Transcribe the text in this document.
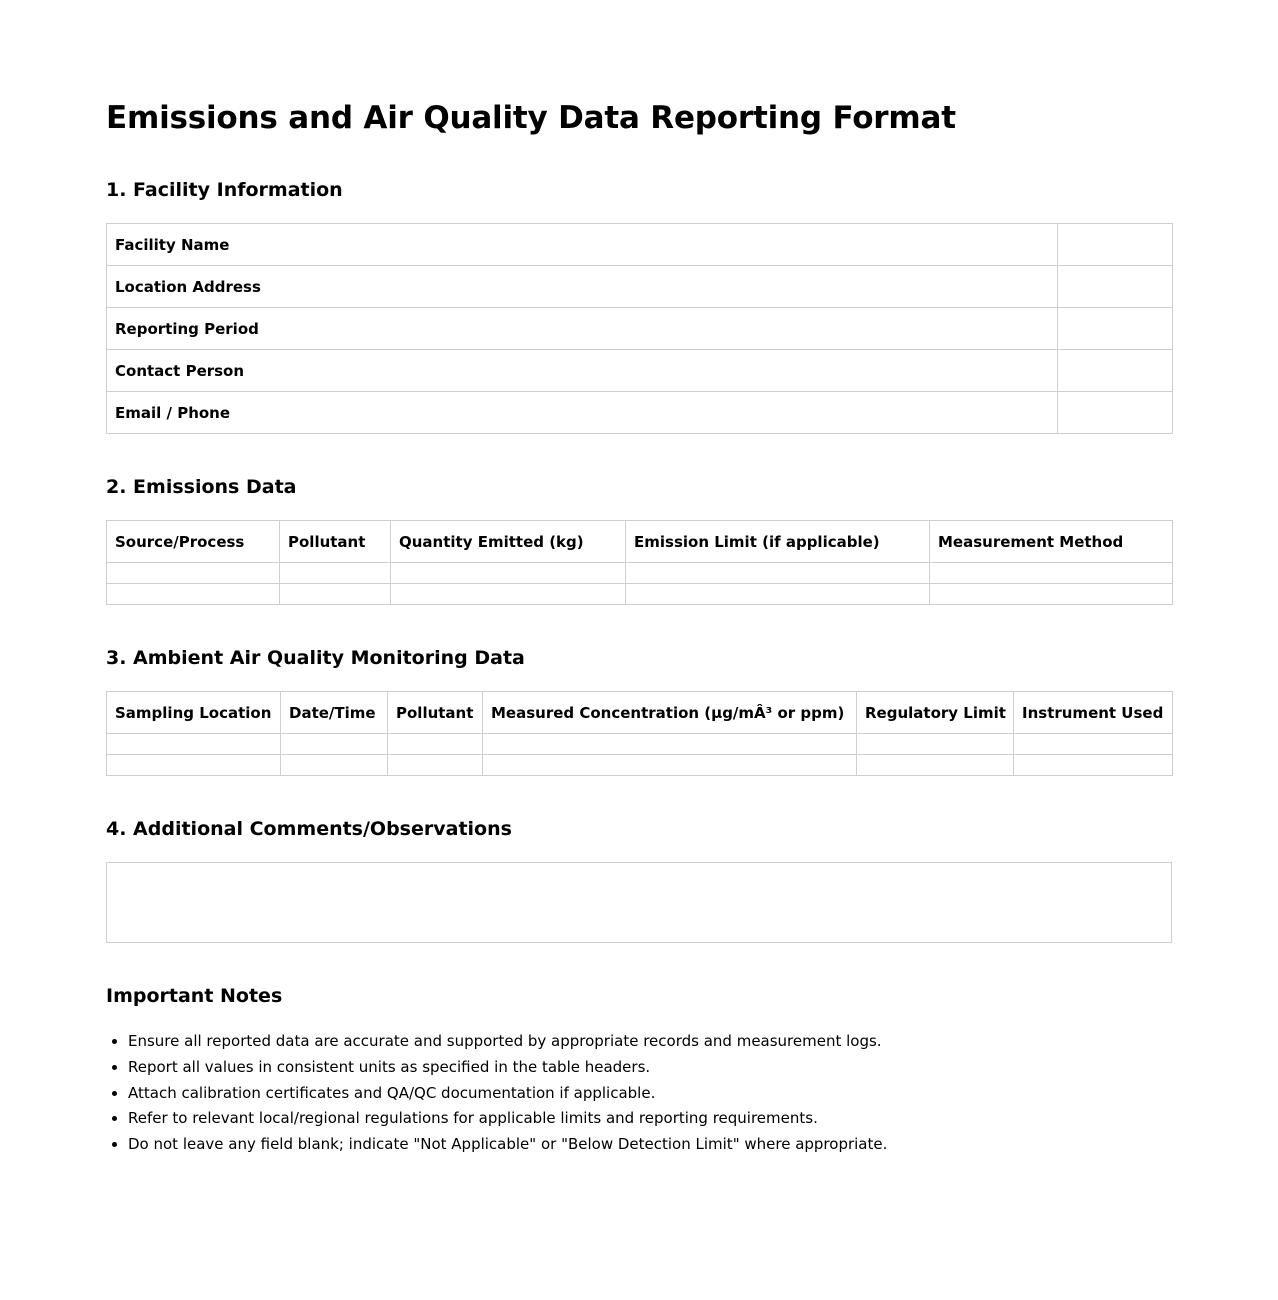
Emissions and Air Quality Data Reporting Format
1. Facility Information
Facility Name	
Location Address	
Reporting Period	
Contact Person	
Email / Phone	
2. Emissions Data
Source/Process	Pollutant	Quantity Emitted (kg)	Emission Limit (if applicable)	Measurement Method

3. Ambient Air Quality Monitoring Data
Sampling Location	Date/Time	Pollutant	Measured Concentration (µg/mÂ³ or ppm)	Regulatory Limit	Instrument Used

4. Additional Comments/Observations
Important Notes
• Ensure all reported data are accurate and supported by appropriate records and measurement logs.
• Report all values in consistent units as specified in the table headers.
• Attach calibration certificates and QA/QC documentation if applicable.
• Refer to relevant local/regional regulations for applicable limits and reporting requirements.
• Do not leave any field blank; indicate "Not Applicable" or "Below Detection Limit" where appropriate.
